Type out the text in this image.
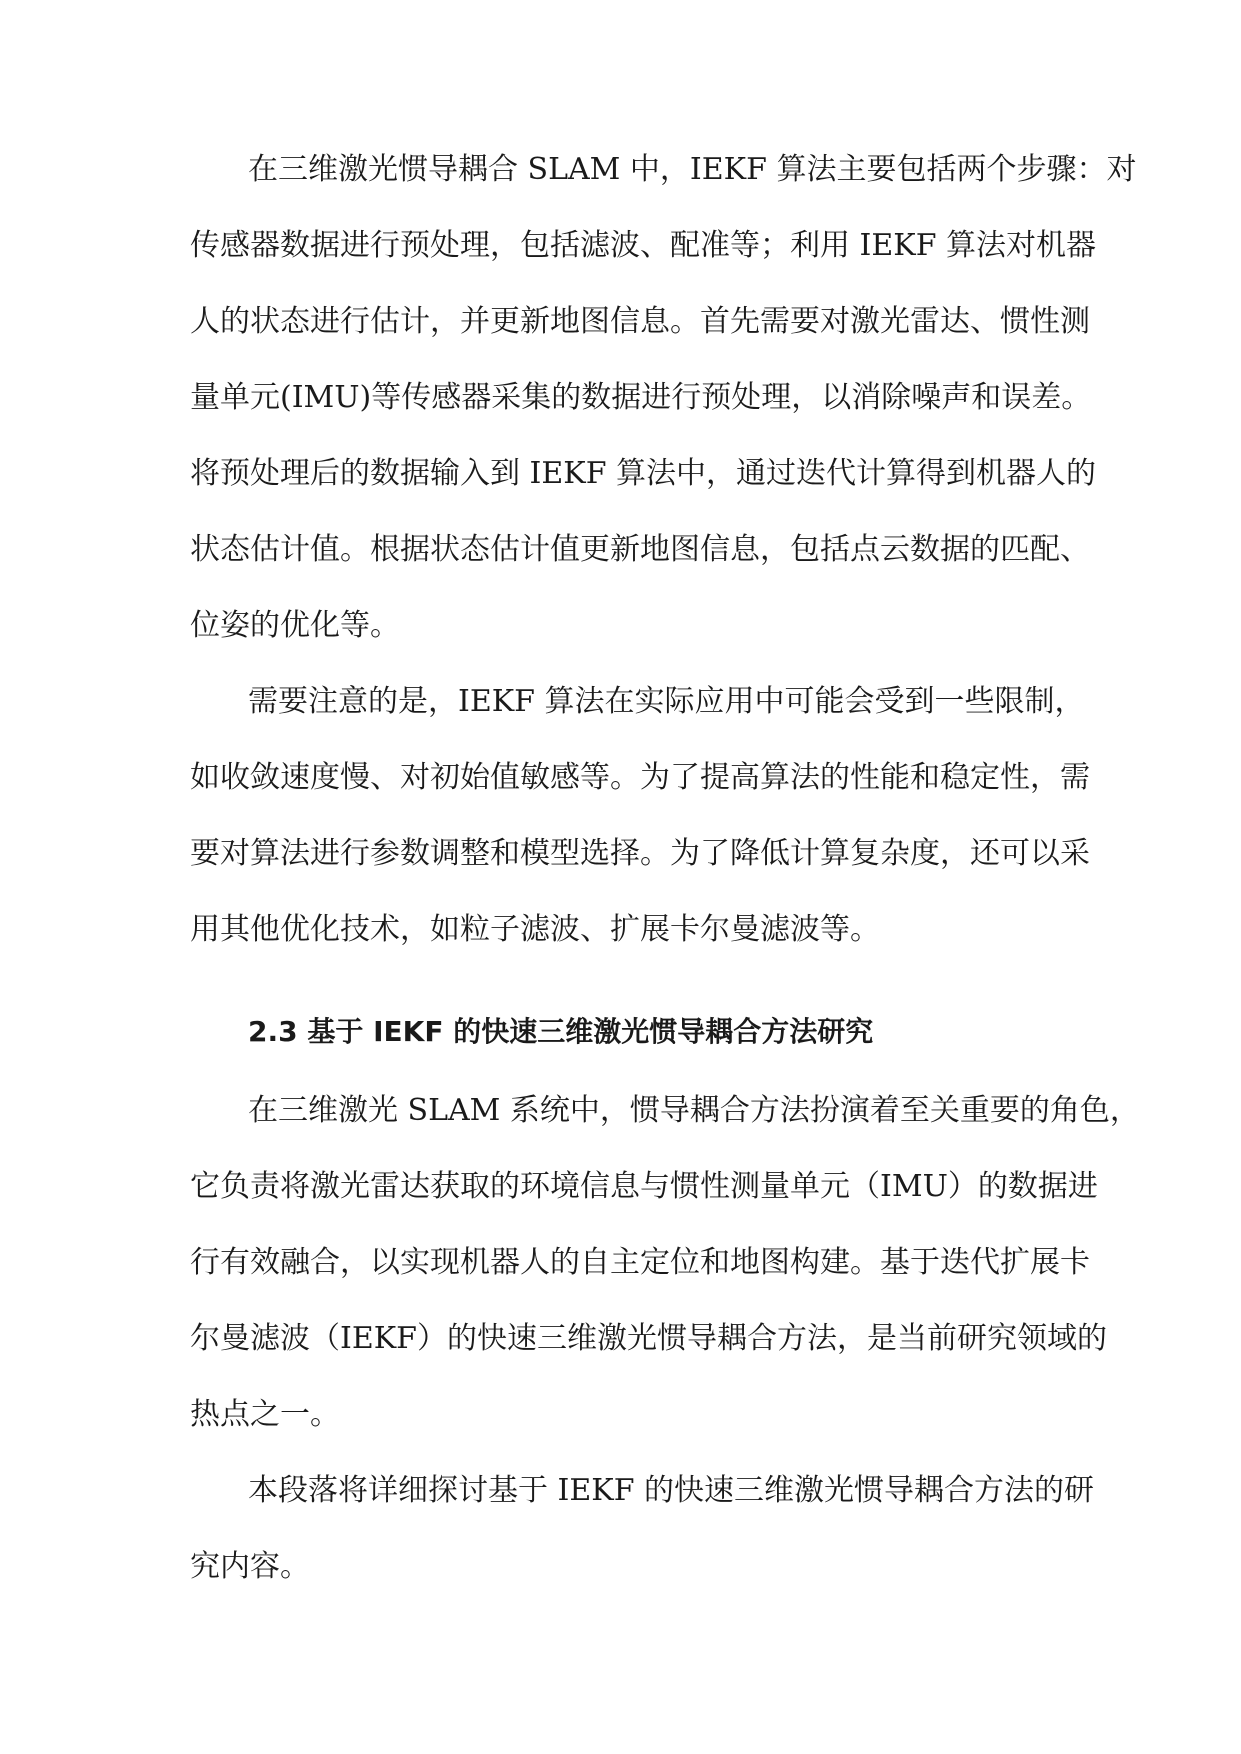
在三维激光惯导耦合 SLAM 中，IEKF 算法主要包括两个步骤：对
传感器数据进行预处理，包括滤波、配准等；利用 IEKF 算法对机器
人的状态进行估计，并更新地图信息。首先需要对激光雷达、惯性测
量单元(IMU)等传感器采集的数据进行预处理，以消除噪声和误差。
将预处理后的数据输入到 IEKF 算法中，通过迭代计算得到机器人的
状态估计值。根据状态估计值更新地图信息，包括点云数据的匹配、
位姿的优化等。
需要注意的是，IEKF 算法在实际应用中可能会受到一些限制，
如收敛速度慢、对初始值敏感等。为了提高算法的性能和稳定性，需
要对算法进行参数调整和模型选择。为了降低计算复杂度，还可以采
用其他优化技术，如粒子滤波、扩展卡尔曼滤波等。
2.3 基于 IEKF 的快速三维激光惯导耦合方法研究
在三维激光 SLAM 系统中，惯导耦合方法扮演着至关重要的角色，
它负责将激光雷达获取的环境信息与惯性测量单元（IMU）的数据进
行有效融合，以实现机器人的自主定位和地图构建。基于迭代扩展卡
尔曼滤波（IEKF）的快速三维激光惯导耦合方法，是当前研究领域的
热点之一。
本段落将详细探讨基于 IEKF 的快速三维激光惯导耦合方法的研
究内容。
